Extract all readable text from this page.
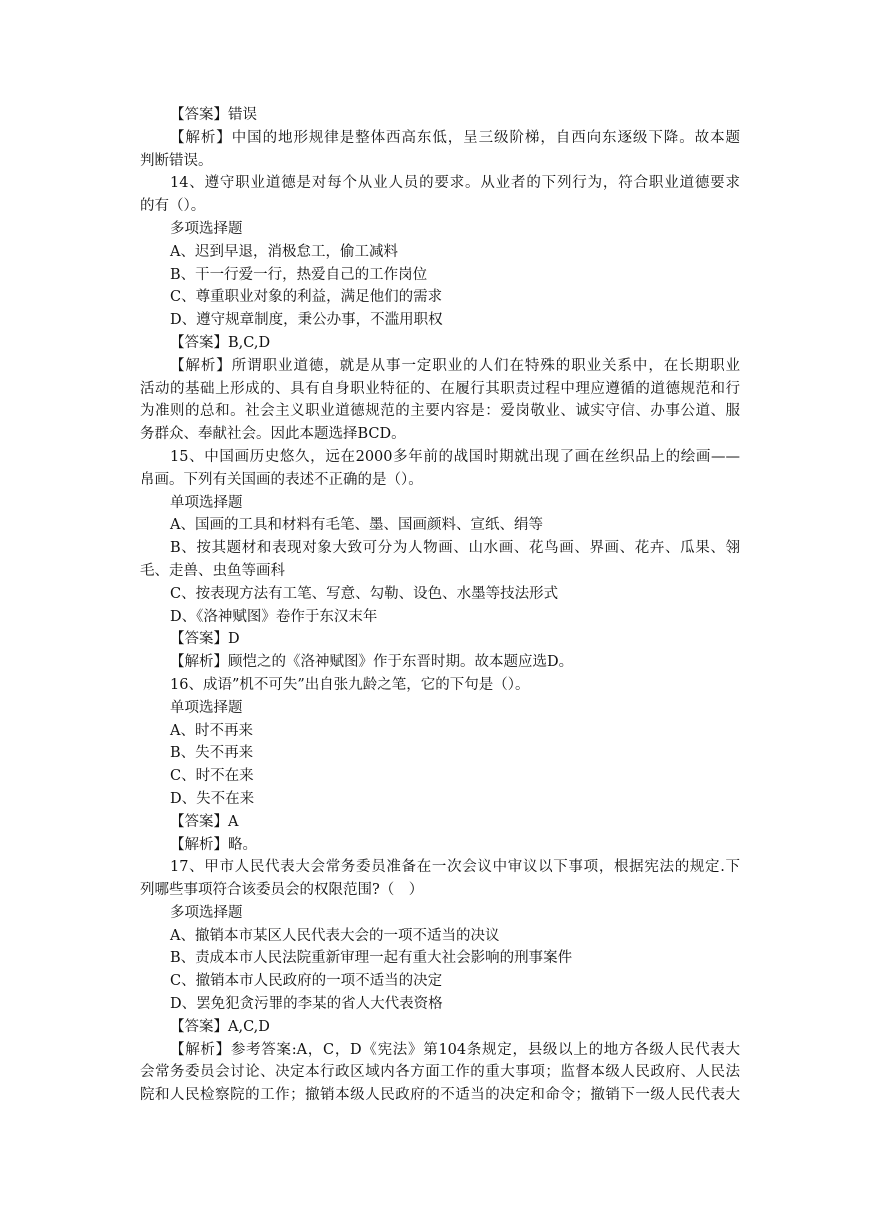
【答案】错误

【解析】中国的地形规律是整体西高东低，呈三级阶梯，自西向东逐级下降。故本题

判断错误。

14、遵守职业道德是对每个从业人员的要求。从业者的下列行为，符合职业道德要求

的有（）。

多项选择题

A、迟到早退，消极怠工，偷工减料

B、干一行爱一行，热爱自己的工作岗位

C、尊重职业对象的利益，满足他们的需求

D、遵守规章制度，秉公办事，不滥用职权

【答案】B,C,D

【解析】所谓职业道德，就是从事一定职业的人们在特殊的职业关系中，在长期职业

活动的基础上形成的、具有自身职业特征的、在履行其职责过程中理应遵循的道德规范和行

为准则的总和。社会主义职业道德规范的主要内容是：爱岗敬业、诚实守信、办事公道、服

务群众、奉献社会。因此本题选择BCD。

15、中国画历史悠久，远在2000多年前的战国时期就出现了画在丝织品上的绘画——

帛画。下列有关国画的表述不正确的是（）。

单项选择题

A、国画的工具和材料有毛笔、墨、国画颜料、宣纸、绢等

B、按其题材和表现对象大致可分为人物画、山水画、花鸟画、界画、花卉、瓜果、翎

毛、走兽、虫鱼等画科

C、按表现方法有工笔、写意、勾勒、设色、水墨等技法形式

D、《洛神赋图》卷作于东汉末年

【答案】D

【解析】顾恺之的《洛神赋图》作于东晋时期。故本题应选D。

16、成语”机不可失”出自张九龄之笔，它的下句是（）。

单项选择题

A、时不再来

B、失不再来

C、时不在来

D、失不在来

【答案】A

【解析】略。

17、甲市人民代表大会常务委员准备在一次会议中审议以下事项，根据宪法的规定.下

列哪些事项符合该委员会的权限范围?（　）

多项选择题

A、撤销本市某区人民代表大会的一项不适当的决议

B、责成本市人民法院重新审理一起有重大社会影响的刑事案件

C、撤销本市人民政府的一项不适当的决定

D、罢免犯贪污罪的李某的省人大代表资格

【答案】A,C,D

【解析】参考答案:A，C，D《宪法》第104条规定，县级以上的地方各级人民代表大

会常务委员会讨论、决定本行政区域内各方面工作的重大事项；监督本级人民政府、人民法

院和人民检察院的工作；撤销本级人民政府的不适当的决定和命令；撤销下一级人民代表大
